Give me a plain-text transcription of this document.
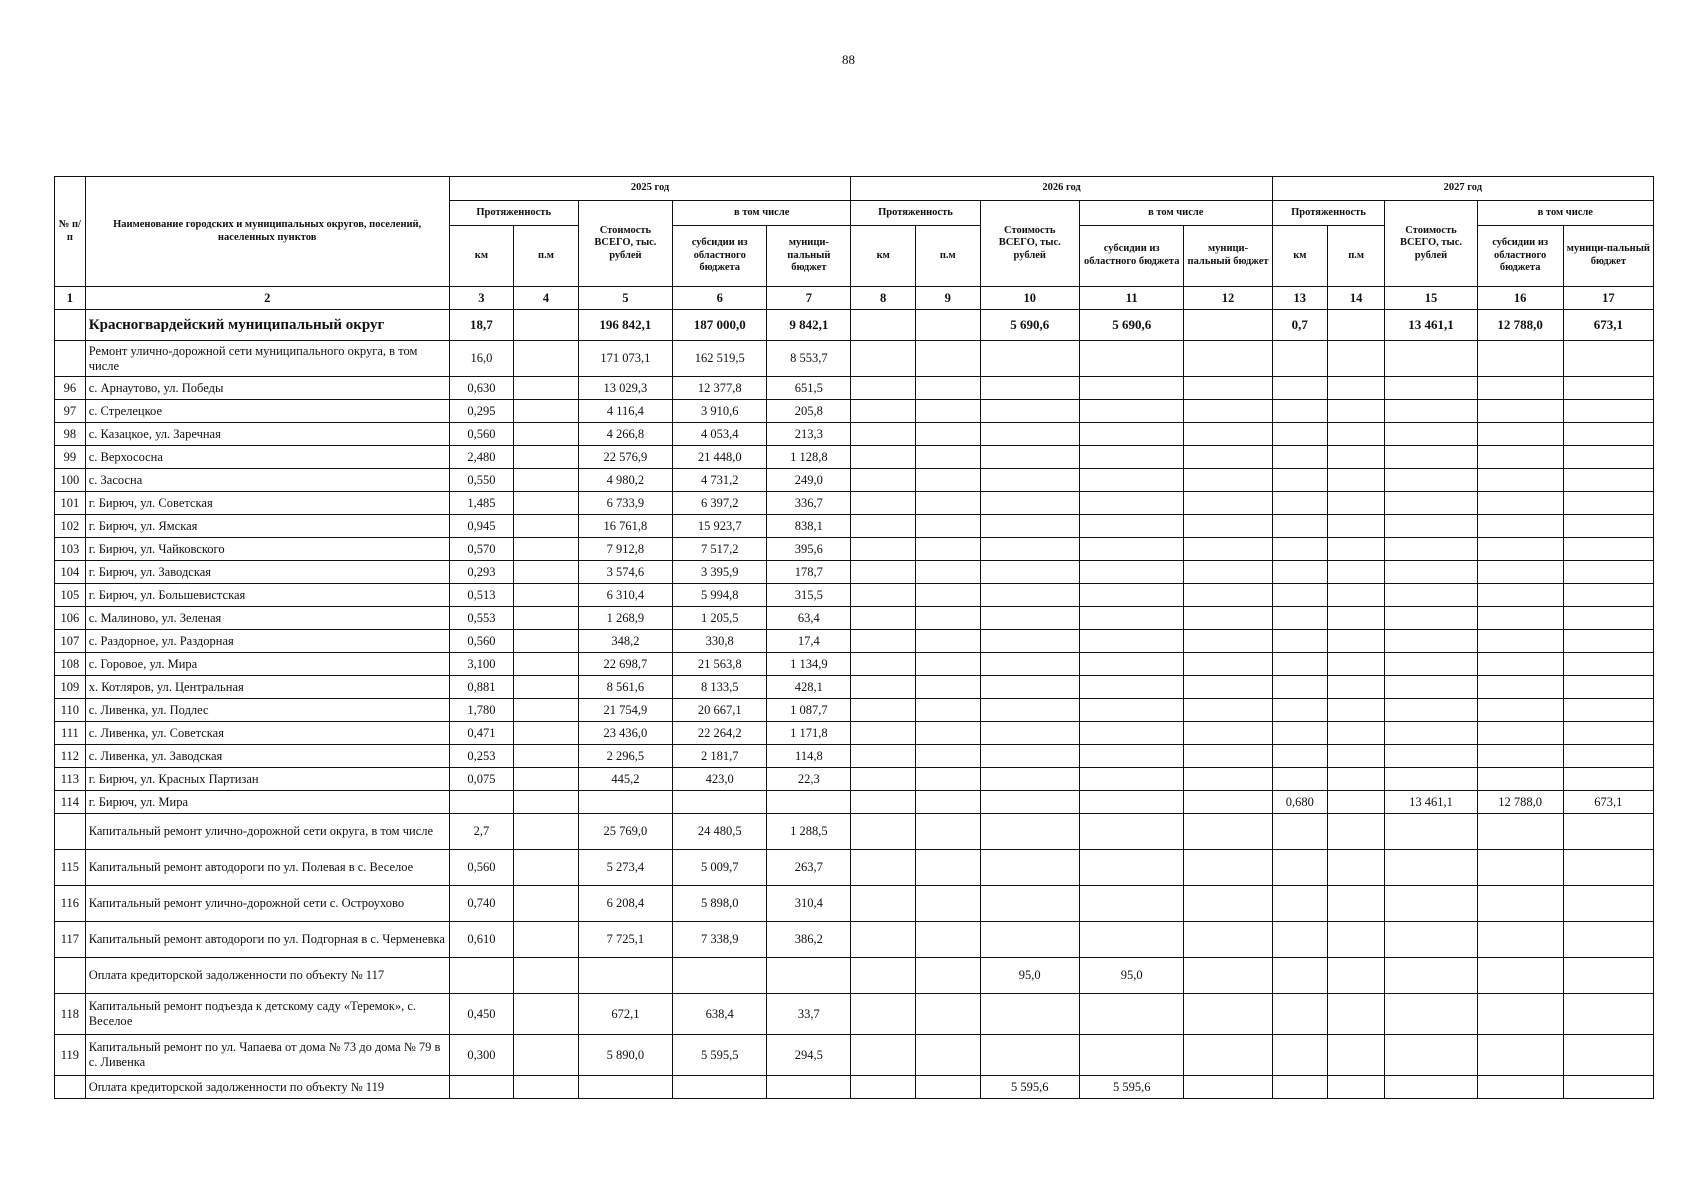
88
№ п/п	Наименование городских и муниципальных округов, поселений, населенных пунктов	2025 год					2026 год					2027 год				
		Протяженность		Стоимость ВСЕГО, тыс. рублей	в том числе		Протяженность		Стоимость ВСЕГО, тыс. рублей	в том числе		Протяженность		Стоимость ВСЕГО, тыс. рублей	в том числе	
		км	п.м		субсидии из областного бюджета	муници-пальный бюджет	км	п.м		субсидии из областного бюджета	муници-пальный бюджет	км	п.м		субсидии из областного бюджета	муници-пальный бюджет
1	2	3	4	5	6	7	8	9	10	11	12	13	14	15	16	17
	Красногвардейский муниципальный округ	18,7		196 842,1	187 000,0	9 842,1			5 690,6	5 690,6		0,7		13 461,1	12 788,0	673,1
	Ремонт улично-дорожной сети муниципального округа, в том числе	16,0		171 073,1	162 519,5	8 553,7										
96	с. Арнаутово, ул. Победы	0,630		13 029,3	12 377,8	651,5										
97	с. Стрелецкое	0,295		4 116,4	3 910,6	205,8										
98	с. Казацкое, ул. Заречная	0,560		4 266,8	4 053,4	213,3										
99	с. Верхососна	2,480		22 576,9	21 448,0	1 128,8										
100	с. Засосна	0,550		4 980,2	4 731,2	249,0										
101	г. Бирюч, ул. Советская	1,485		6 733,9	6 397,2	336,7										
102	г. Бирюч, ул. Ямская	0,945		16 761,8	15 923,7	838,1										
103	г. Бирюч, ул. Чайковского	0,570		7 912,8	7 517,2	395,6										
104	г. Бирюч, ул. Заводская	0,293		3 574,6	3 395,9	178,7										
105	г. Бирюч, ул. Большевистская	0,513		6 310,4	5 994,8	315,5										
106	с. Малиново, ул. Зеленая	0,553		1 268,9	1 205,5	63,4										
107	с. Раздорное, ул. Раздорная	0,560		348,2	330,8	17,4										
108	с. Горовое, ул. Мира	3,100		22 698,7	21 563,8	1 134,9										
109	х. Котляров, ул. Центральная	0,881		8 561,6	8 133,5	428,1										
110	с. Ливенка, ул. Подлес	1,780		21 754,9	20 667,1	1 087,7										
111	с. Ливенка, ул. Советская	0,471		23 436,0	22 264,2	1 171,8										
112	с. Ливенка, ул. Заводская	0,253		2 296,5	2 181,7	114,8										
113	г. Бирюч, ул. Красных Партизан	0,075		445,2	423,0	22,3										
114	г. Бирюч, ул. Мира											0,680		13 461,1	12 788,0	673,1
	Капитальный ремонт улично-дорожной сети округа, в том числе	2,7		25 769,0	24 480,5	1 288,5										
115	Капитальный ремонт автодороги по ул. Полевая в с. Веселое	0,560		5 273,4	5 009,7	263,7										
116	Капитальный ремонт улично-дорожной сети с. Остроухово	0,740		6 208,4	5 898,0	310,4										
117	Капитальный ремонт автодороги по ул. Подгорная в с. Черменевка	0,610		7 725,1	7 338,9	386,2										
	Оплата кредиторской задолженности по объекту № 117								95,0	95,0						
118	Капитальный ремонт подъезда к детскому саду «Теремок», с. Веселое	0,450		672,1	638,4	33,7										
119	Капитальный ремонт по ул. Чапаева от дома № 73 до дома № 79 в с. Ливенка	0,300		5 890,0	5 595,5	294,5										
	Оплата кредиторской задолженности по объекту № 119								5 595,6	5 595,6						
